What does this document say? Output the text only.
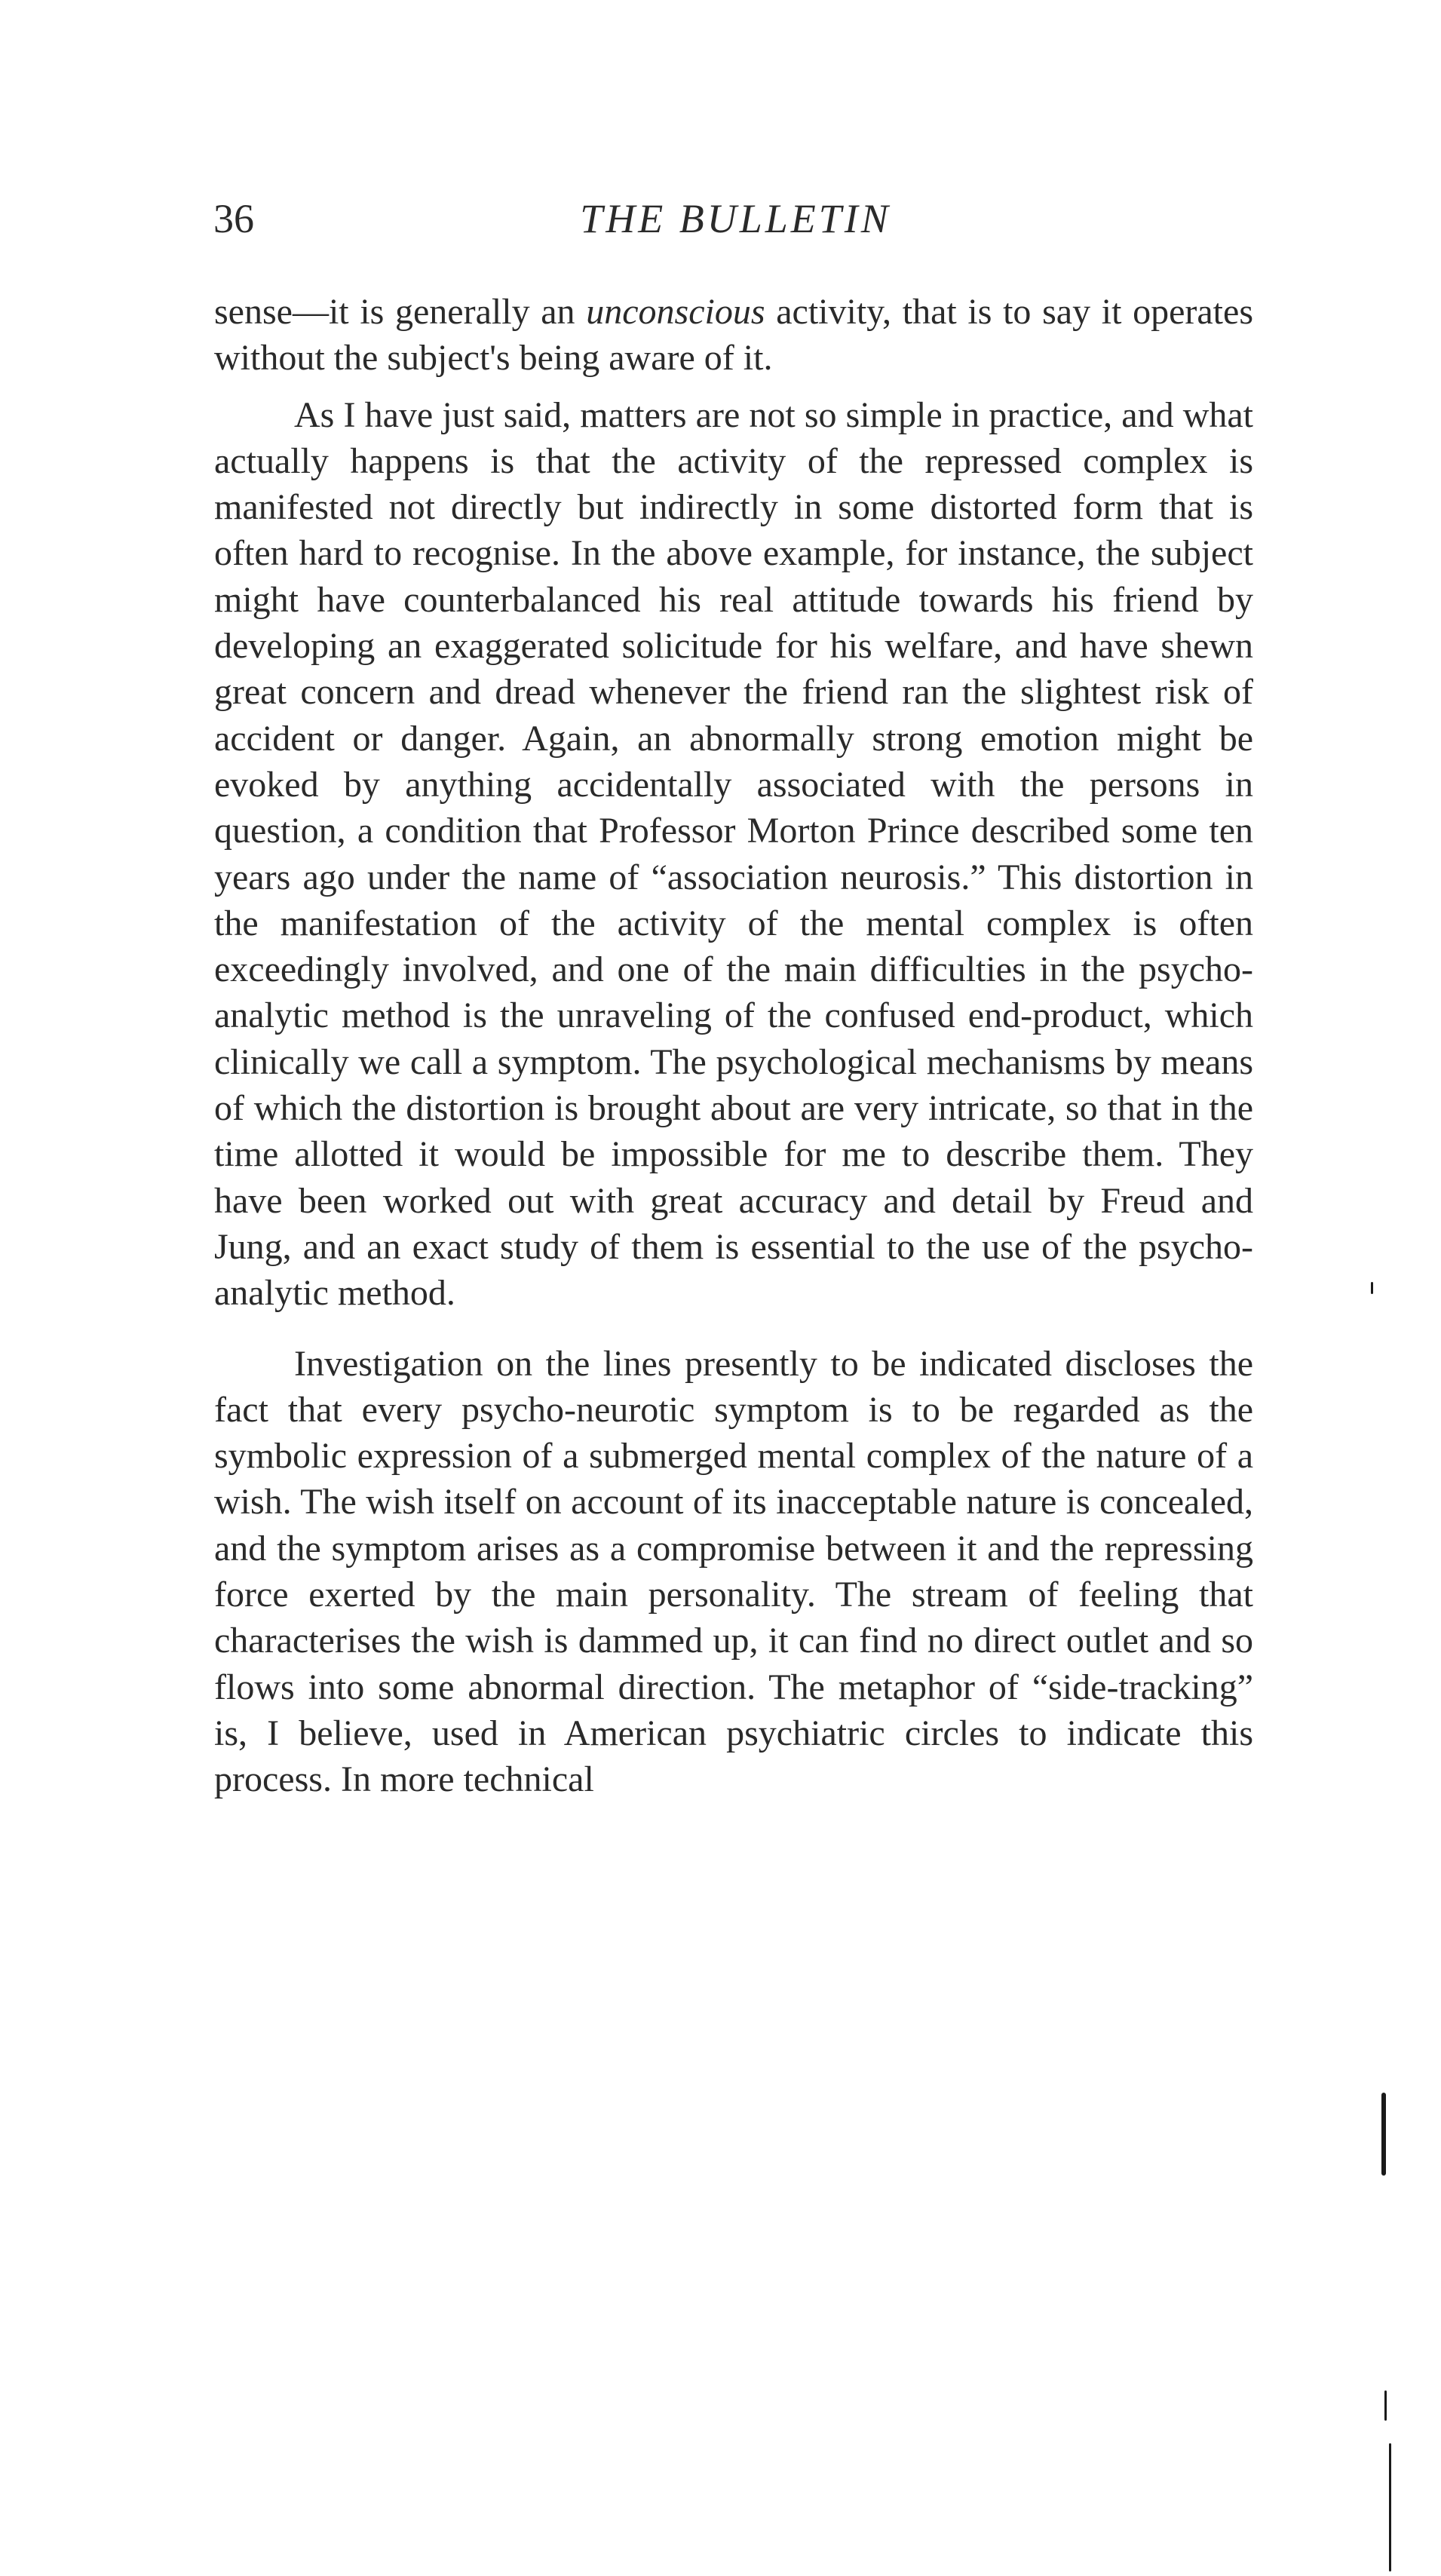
36	THE BULLETIN

sense—it is generally an unconscious activity, that is to say it operates without the subject's being aware of it.

As I have just said, matters are not so simple in practice, and what actually happens is that the activity of the repressed complex is manifested not directly but indirectly in some distorted form that is often hard to recognise. In the above example, for instance, the subject might have counterbalanced his real attitude towards his friend by developing an exaggerated solicitude for his welfare, and have shewn great concern and dread whenever the friend ran the slightest risk of accident or danger. Again, an abnormally strong emotion might be evoked by anything accidentally associated with the persons in question, a condition that Professor Morton Prince described some ten years ago under the name of “association neurosis.” This distortion in the manifestation of the activity of the mental complex is often exceedingly involved, and one of the main difficulties in the psycho-analytic method is the unraveling of the confused end-product, which clinically we call a symptom. The psychological mechanisms by means of which the distortion is brought about are very intricate, so that in the time allotted it would be impossible for me to describe them. They have been worked out with great accuracy and detail by Freud and Jung, and an exact study of them is essential to the use of the psycho-analytic method.

Investigation on the lines presently to be indicated discloses the fact that every psycho-neurotic symptom is to be regarded as the symbolic expression of a submerged mental complex of the nature of a wish. The wish itself on account of its inacceptable nature is concealed, and the symptom arises as a compromise between it and the repressing force exerted by the main personality. The stream of feeling that characterises the wish is dammed up, it can find no direct outlet and so flows into some abnormal direction. The metaphor of “side-tracking” is, I believe, used in American psychiatric circles to indicate this process. In more technical
